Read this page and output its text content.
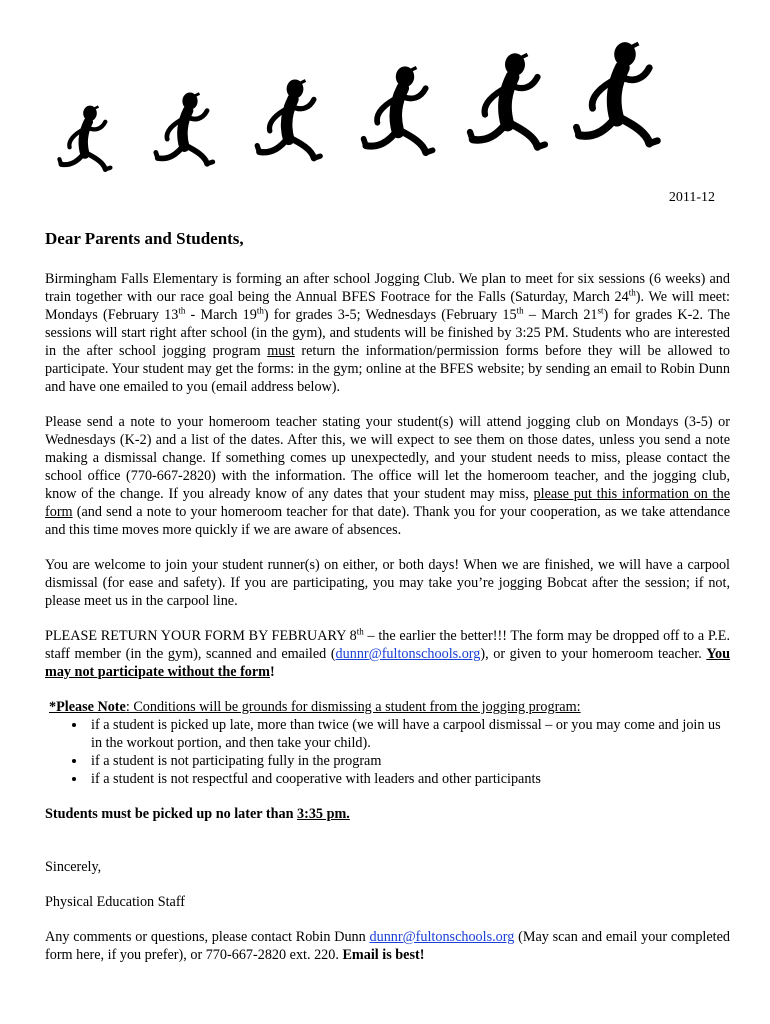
2011-12
Dear Parents and Students,

Birmingham Falls Elementary is forming an after school Jogging Club. We plan to meet for six sessions (6 weeks) and train together with our race goal being the Annual BFES Footrace for the Falls (Saturday, March 24th). We will meet: Mondays (February 13th - March 19th) for grades 3-5; Wednesdays (February 15th – March 21st) for grades K-2. The sessions will start right after school (in the gym), and students will be finished by 3:25 PM. Students who are interested in the after school jogging program must return the information/permission forms before they will be allowed to participate. Your student may get the forms: in the gym; online at the BFES website; by sending an email to Robin Dunn and have one emailed to you (email address below).

Please send a note to your homeroom teacher stating your student(s) will attend jogging club on Mondays (3-5) or Wednesdays (K-2) and a list of the dates. After this, we will expect to see them on those dates, unless you send a note making a dismissal change. If something comes up unexpectedly, and your student needs to miss, please contact the school office (770-667-2820) with the information. The office will let the homeroom teacher, and the jogging club, know of the change. If you already know of any dates that your student may miss, please put this information on the form (and send a note to your homeroom teacher for that date). Thank you for your cooperation, as we take attendance and this time moves more quickly if we are aware of absences.

You are welcome to join your student runner(s) on either, or both days! When we are finished, we will have a carpool dismissal (for ease and safety). If you are participating, you may take you’re jogging Bobcat after the session; if not, please meet us in the carpool line.

PLEASE RETURN YOUR FORM BY FEBRUARY 8th – the earlier the better!!! The form may be dropped off to a P.E. staff member (in the gym), scanned and emailed (dunnr@fultonschools.org), or given to your homeroom teacher. You may not participate without the form!

*Please Note: Conditions will be grounds for dismissing a student from the jogging program:
• if a student is picked up late, more than twice (we will have a carpool dismissal – or you may come and join us in the workout portion, and then take your child).
• if a student is not participating fully in the program
• if a student is not respectful and cooperative with leaders and other participants

Students must be picked up no later than 3:35 pm.

Sincerely,

Physical Education Staff

Any comments or questions, please contact Robin Dunn dunnr@fultonschools.org (May scan and email your completed form here, if you prefer), or 770-667-2820 ext. 220. Email is best!
